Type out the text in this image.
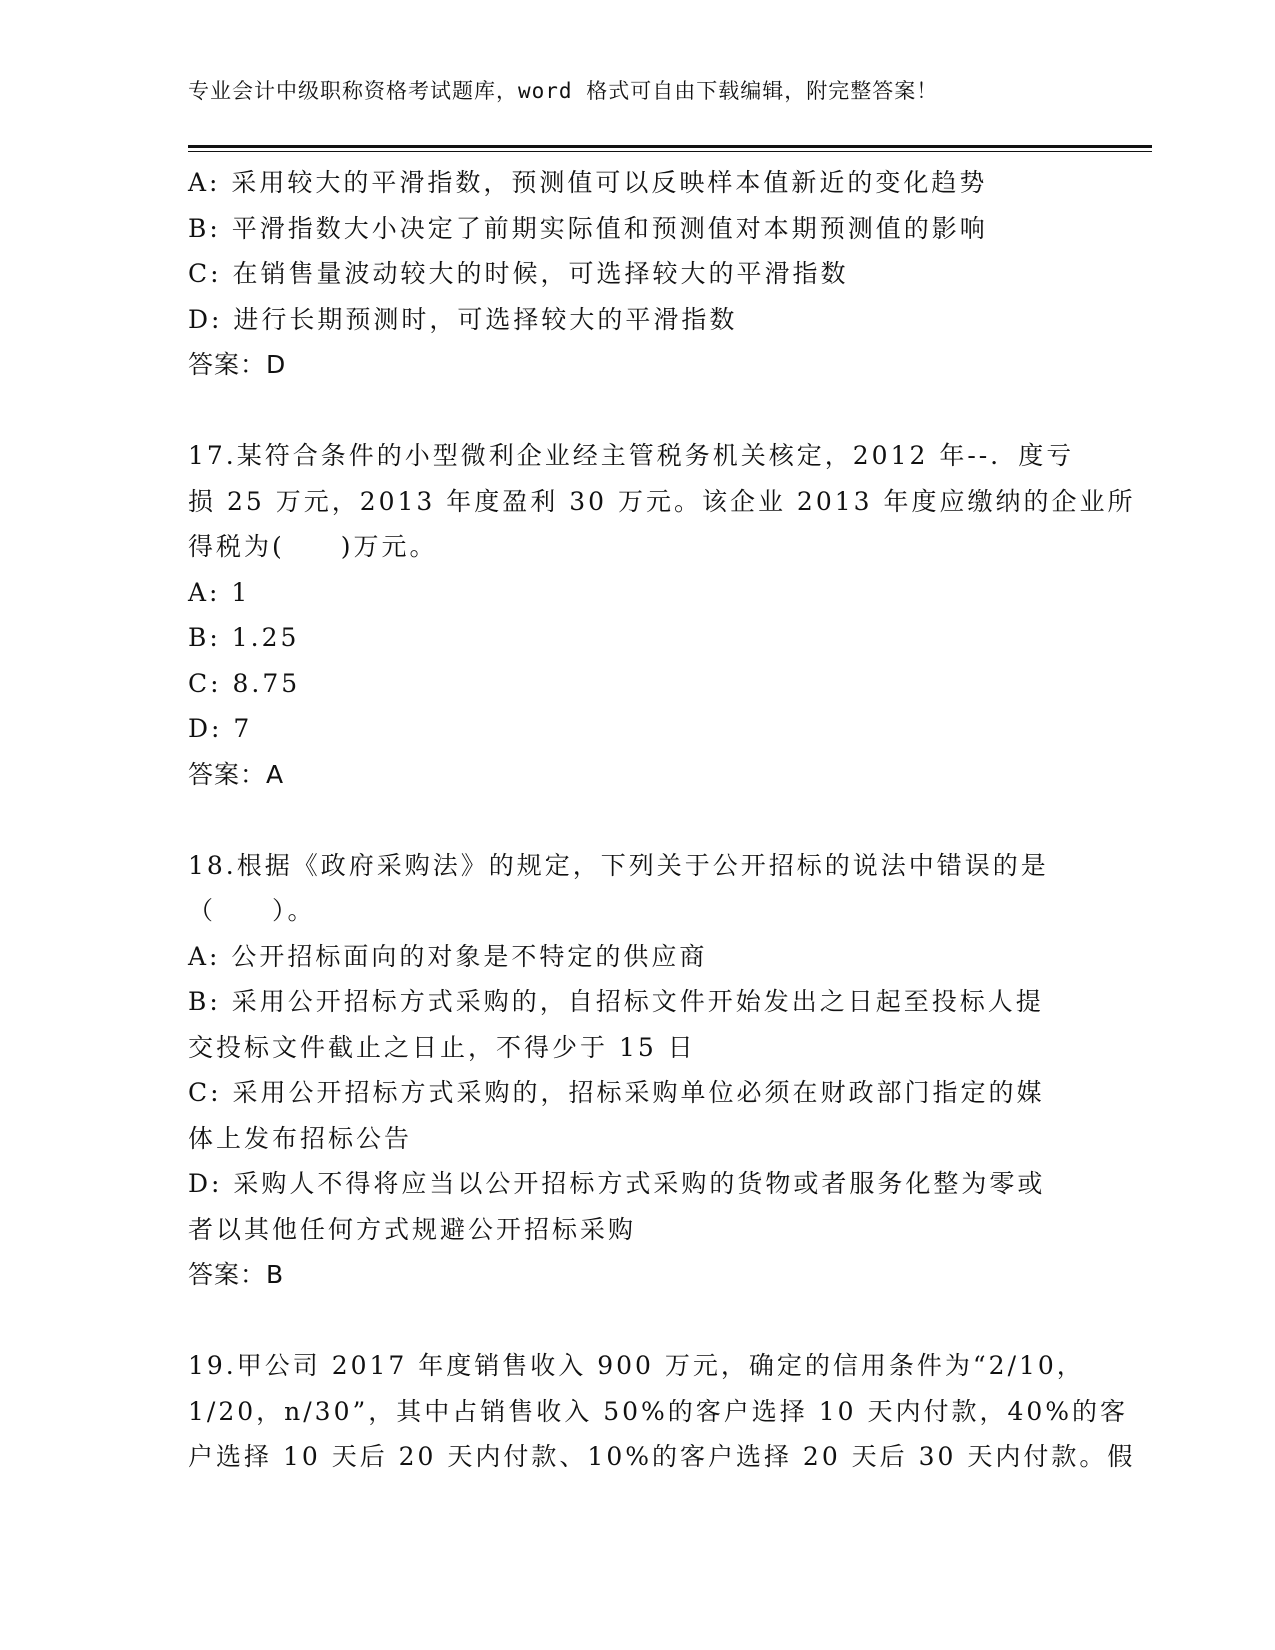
专业会计中级职称资格考试题库，word 格式可自由下载编辑，附完整答案！
A: 采用较大的平滑指数，预测值可以反映样本值新近的变化趋势
B: 平滑指数大小决定了前期实际值和预测值对本期预测值的影响
C: 在销售量波动较大的时候，可选择较大的平滑指数
D: 进行长期预测时，可选择较大的平滑指数
答案：D
17.某符合条件的小型微利企业经主管税务机关核定，2012 年--．度亏
损 25 万元，2013 年度盈利 30 万元。该企业 2013 年度应缴纳的企业所
得税为(　　)万元。
A: 1
B: 1.25
C: 8.75
D: 7
答案：A
18.根据《政府采购法》的规定，下列关于公开招标的说法中错误的是
（　　）。
A: 公开招标面向的对象是不特定的供应商
B: 采用公开招标方式采购的，自招标文件开始发出之日起至投标人提
交投标文件截止之日止，不得少于 15 日
C: 采用公开招标方式采购的，招标采购单位必须在财政部门指定的媒
体上发布招标公告
D: 采购人不得将应当以公开招标方式采购的货物或者服务化整为零或
者以其他任何方式规避公开招标采购
答案：B
19.甲公司 2017 年度销售收入 900 万元，确定的信用条件为“2/10，
1/20，n/30”，其中占销售收入 50%的客户选择 10 天内付款，40%的客
户选择 10 天后 20 天内付款、10%的客户选择 20 天后 30 天内付款。假
